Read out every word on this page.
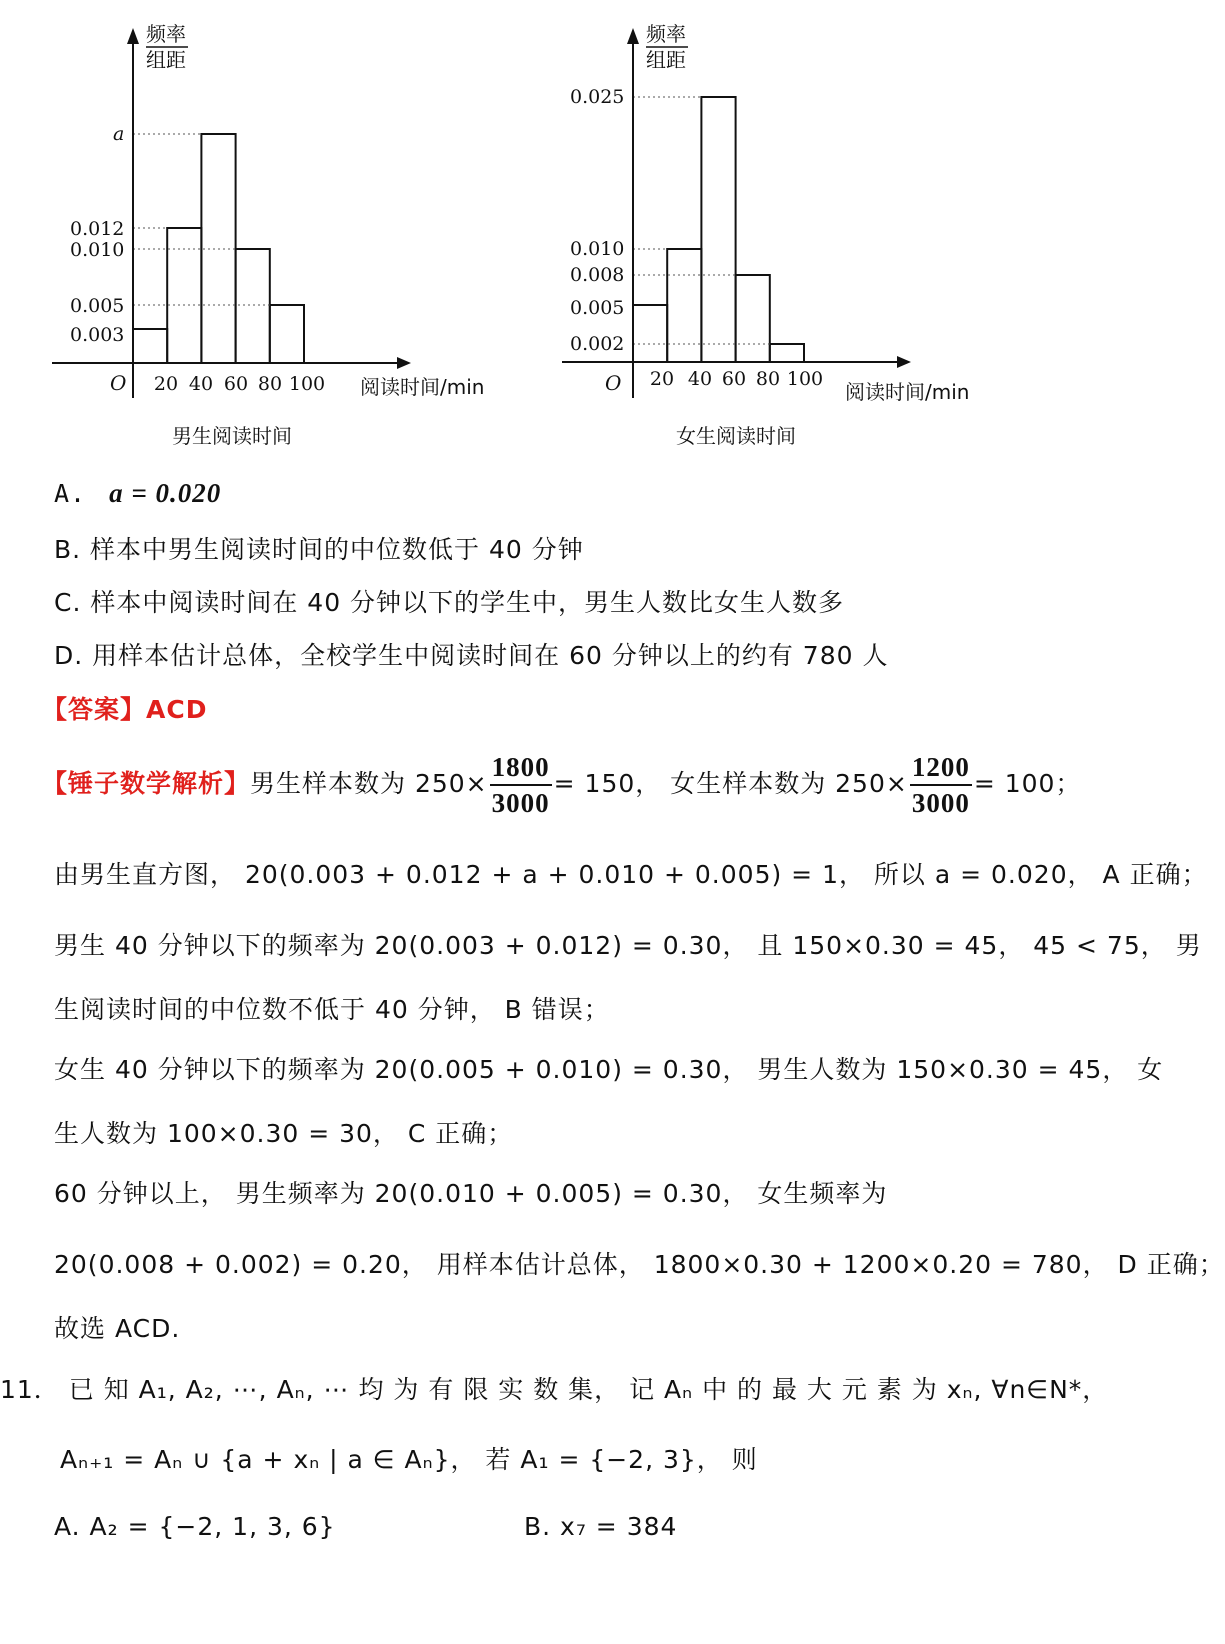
频率
组距
a
0.012
0.010
0.005
0.003
O 20 40 60 80 100 阅读时间/min
男生阅读时间
频率
组距
0.025
0.010
0.008
0.005
0.002
O 20 40 60 80 100
阅读时间/min
女生阅读时间
A. a = 0.020
B. 样本中男生阅读时间的中位数低于 40 分钟
C. 样本中阅读时间在 40 分钟以下的学生中，男生人数比女生人数多
D. 用样本估计总体，全校学生中阅读时间在 60 分钟以上的约有 780 人
【答案】ACD
【锤子数学解析】男生样本数为 $250\times \frac{1800}{3000} = 150$， 女生样本数为 $250\times \frac{1200}{3000} = 100$；
由男生直方图， 20(0.003 + 0.012 + a + 0.010 + 0.005) = 1， 所以 a = 0.020， A 正确；
男生 40 分钟以下的频率为 20(0.003 + 0.012) = 0.30， 且 150×0.30 = 45， 45 < 75， 男
生阅读时间的中位数不低于 40 分钟， B 错误；
女生 40 分钟以下的频率为 20(0.005 + 0.010) = 0.30， 男生人数为 150×0.30 = 45， 女
生人数为 100×0.30 = 30， C 正确；
60 分钟以上， 男生频率为 20(0.010 + 0.005) = 0.30， 女生频率为
20(0.008 + 0.002) = 0.20， 用样本估计总体， 1800×0.30 + 1200×0.20 = 780， D 正确；
故选 ACD.
11． 已 知 A₁, A₂, ⋯, Aₙ, ⋯ 均 为 有 限 实 数 集， 记 Aₙ 中 的 最 大 元 素 为 xₙ, ∀n∈N*，
Aₙ₊₁ = Aₙ ∪ {a + xₙ | a ∈ Aₙ}， 若 A₁ = {−2, 3}， 则
A. A₂ = {−2, 1, 3, 6}	B. x₇ = 384
